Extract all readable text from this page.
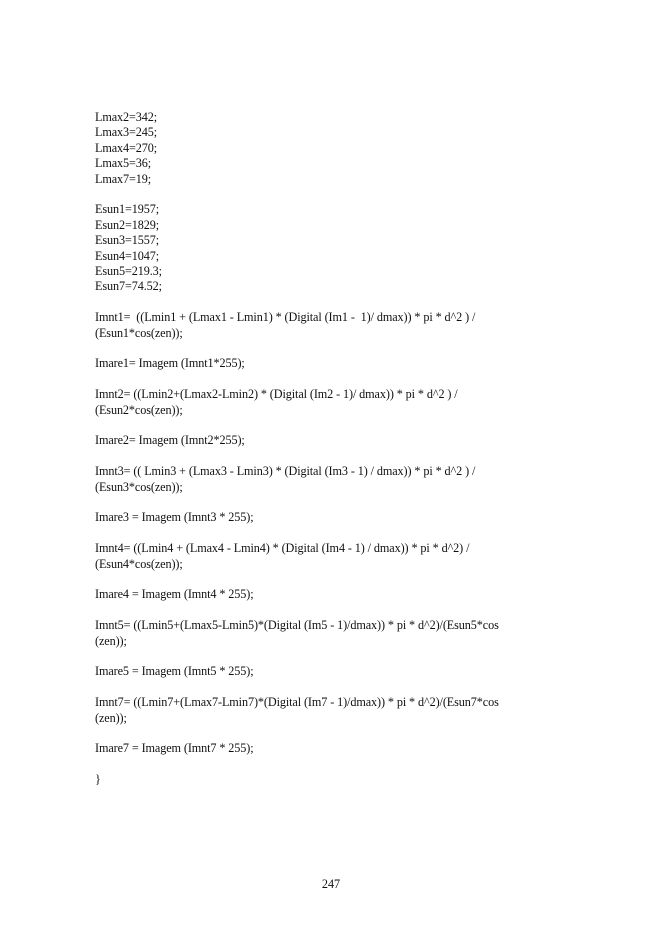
Lmax2=342;
Lmax3=245;
Lmax4=270;
Lmax5=36;
Lmax7=19;
Esun1=1957;
Esun2=1829;
Esun3=1557;
Esun4=1047;
Esun5=219.3;
Esun7=74.52;
Imnt1=  ((Lmin1 + (Lmax1 - Lmin1) * (Digital (Im1 -  1)/ dmax)) * pi * d^2 ) /
(Esun1*cos(zen));
Imare1= Imagem (Imnt1*255);
Imnt2= ((Lmin2+(Lmax2-Lmin2) * (Digital (Im2 - 1)/ dmax)) * pi * d^2 ) /
(Esun2*cos(zen));
Imare2= Imagem (Imnt2*255);
Imnt3= (( Lmin3 + (Lmax3 - Lmin3) * (Digital (Im3 - 1) / dmax)) * pi * d^2 ) /
(Esun3*cos(zen));
Imare3 = Imagem (Imnt3 * 255);
Imnt4= ((Lmin4 + (Lmax4 - Lmin4) * (Digital (Im4 - 1) / dmax)) * pi * d^2) /
(Esun4*cos(zen));
Imare4 = Imagem (Imnt4 * 255);
Imnt5= ((Lmin5+(Lmax5-Lmin5)*(Digital (Im5 - 1)/dmax)) * pi * d^2)/(Esun5*cos
(zen));
Imare5 = Imagem (Imnt5 * 255);
Imnt7= ((Lmin7+(Lmax7-Lmin7)*(Digital (Im7 - 1)/dmax)) * pi * d^2)/(Esun7*cos
(zen));
Imare7 = Imagem (Imnt7 * 255);
}
247
